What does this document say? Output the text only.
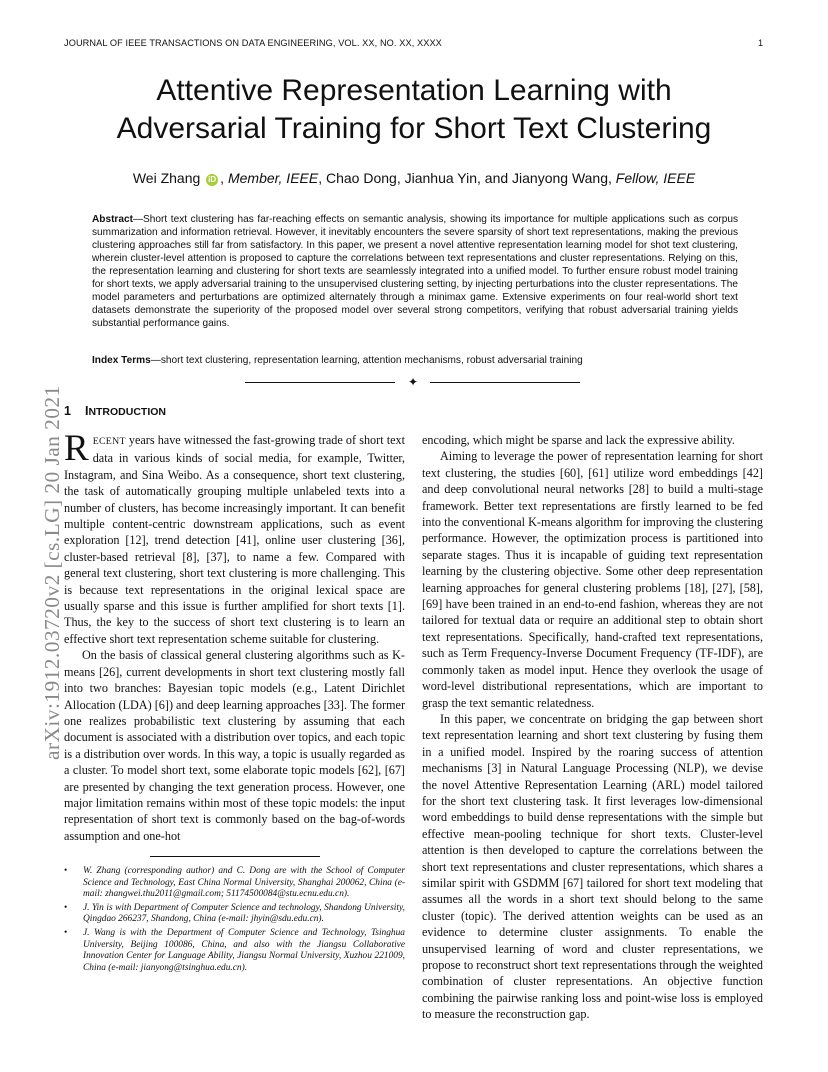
JOURNAL OF IEEE TRANSACTIONS ON DATA ENGINEERING, VOL. XX, NO. XX, XXXX	1
Attentive Representation Learning with
Adversarial Training for Short Text Clustering
Wei Zhang iD , Member, IEEE, Chao Dong, Jianhua Yin, and Jianyong Wang, Fellow, IEEE

Abstract—Short text clustering has far-reaching effects on semantic analysis, showing its importance for multiple applications such as corpus summarization and information retrieval. However, it inevitably encounters the severe sparsity of short text representations, making the previous clustering approaches still far from satisfactory. In this paper, we present a novel attentive representation learning model for shot text clustering, wherein cluster-level attention is proposed to capture the correlations between text representations and cluster representations. Relying on this, the representation learning and clustering for short texts are seamlessly integrated into a unified model. To further ensure robust model training for short texts, we apply adversarial training to the unsupervised clustering setting, by injecting perturbations into the cluster representations. The model parameters and perturbations are optimized alternately through a minimax game. Extensive experiments on four real-world short text datasets demonstrate the superiority of the proposed model over several strong competitors, verifying that robust adversarial training yields substantial performance gains.

Index Terms—short text clustering, representation learning, attention mechanisms, robust adversarial training

✦
1 INTRODUCTION

RECENT years have witnessed the fast-growing trade of short text data in various kinds of social media, for example, Twitter, Instagram, and Sina Weibo. As a consequence, short text clustering, the task of automatically grouping multiple unlabeled texts into a number of clusters, has become increasingly important. It can benefit multiple content-centric downstream applications, such as event exploration [12], trend detection [41], online user clustering [36], cluster-based retrieval [8], [37], to name a few. Compared with general text clustering, short text clustering is more challenging. This is because text representations in the original lexical space are usually sparse and this issue is further amplified for short texts [1]. Thus, the key to the success of short text clustering is to learn an effective short text representation scheme suitable for clustering.

On the basis of classical general clustering algorithms such as K-means [26], current developments in short text clustering mostly fall into two branches: Bayesian topic models (e.g., Latent Dirichlet Allocation (LDA) [6]) and deep learning approaches [33]. The former one realizes probabilistic text clustering by assuming that each document is associated with a distribution over topics, and each topic is a distribution over words. In this way, a topic is usually regarded as a cluster. To model short text, some elaborate topic models [62], [67] are presented by changing the text generation process. However, one major limitation remains within most of these topic models: the input representation of short text is commonly based on the bag-of-words assumption and one-hot

encoding, which might be sparse and lack the expressive ability.

Aiming to leverage the power of representation learning for short text clustering, the studies [60], [61] utilize word embeddings [42] and deep convolutional neural networks [28] to build a multi-stage framework. Better text representations are firstly learned to be fed into the conventional K-means algorithm for improving the clustering performance. However, the optimization process is partitioned into separate stages. Thus it is incapable of guiding text representation learning by the clustering objective. Some other deep representation learning approaches for general clustering problems [18], [27], [58], [69] have been trained in an end-to-end fashion, whereas they are not tailored for textual data or require an additional step to obtain short text representations. Specifically, hand-crafted text representations, such as Term Frequency-Inverse Document Frequency (TF-IDF), are commonly taken as model input. Hence they overlook the usage of word-level distributional representations, which are important to grasp the text semantic relatedness.

In this paper, we concentrate on bridging the gap between short text representation learning and short text clustering by fusing them in a unified model. Inspired by the roaring success of attention mechanisms [3] in Natural Language Processing (NLP), we devise the novel Attentive Representation Learning (ARL) model tailored for the short text clustering task. It first leverages low-dimensional word embeddings to build dense representations with the simple but effective mean-pooling technique for short texts. Cluster-level attention is then developed to capture the correlations between the short text representations and cluster representations, which shares a similar spirit with GSDMM [67] tailored for short text modeling that assumes all the words in a short text should belong to the same cluster (topic). The derived attention weights can be used as an evidence to determine cluster assignments. To enable the unsupervised learning of word and cluster representations, we propose to reconstruct short text representations through the weighted combination of cluster representations. An objective function combining the pairwise ranking loss and point-wise loss is employed to measure the reconstruction gap.

• W. Zhang (corresponding author) and C. Dong are with the School of Computer Science and Technology, East China Normal University, Shanghai 200062, China (e-mail: zhangwei.thu2011@gmail.com; 51174500084@stu.ecnu.edu.cn).
• J. Yin is with Department of Computer Science and technology, Shandong University, Qingdao 266237, Shandong, China (e-mail: jhyin@sdu.edu.cn).
• J. Wang is with the Department of Computer Science and Technology, Tsinghua University, Beijing 100086, China, and also with the Jiangsu Collaborative Innovation Center for Language Ability, Jiangsu Normal University, Xuzhou 221009, China (e-mail: jianyong@tsinghua.edu.cn).
arXiv:1912.03720v2 [cs.LG] 20 Jan 2021
